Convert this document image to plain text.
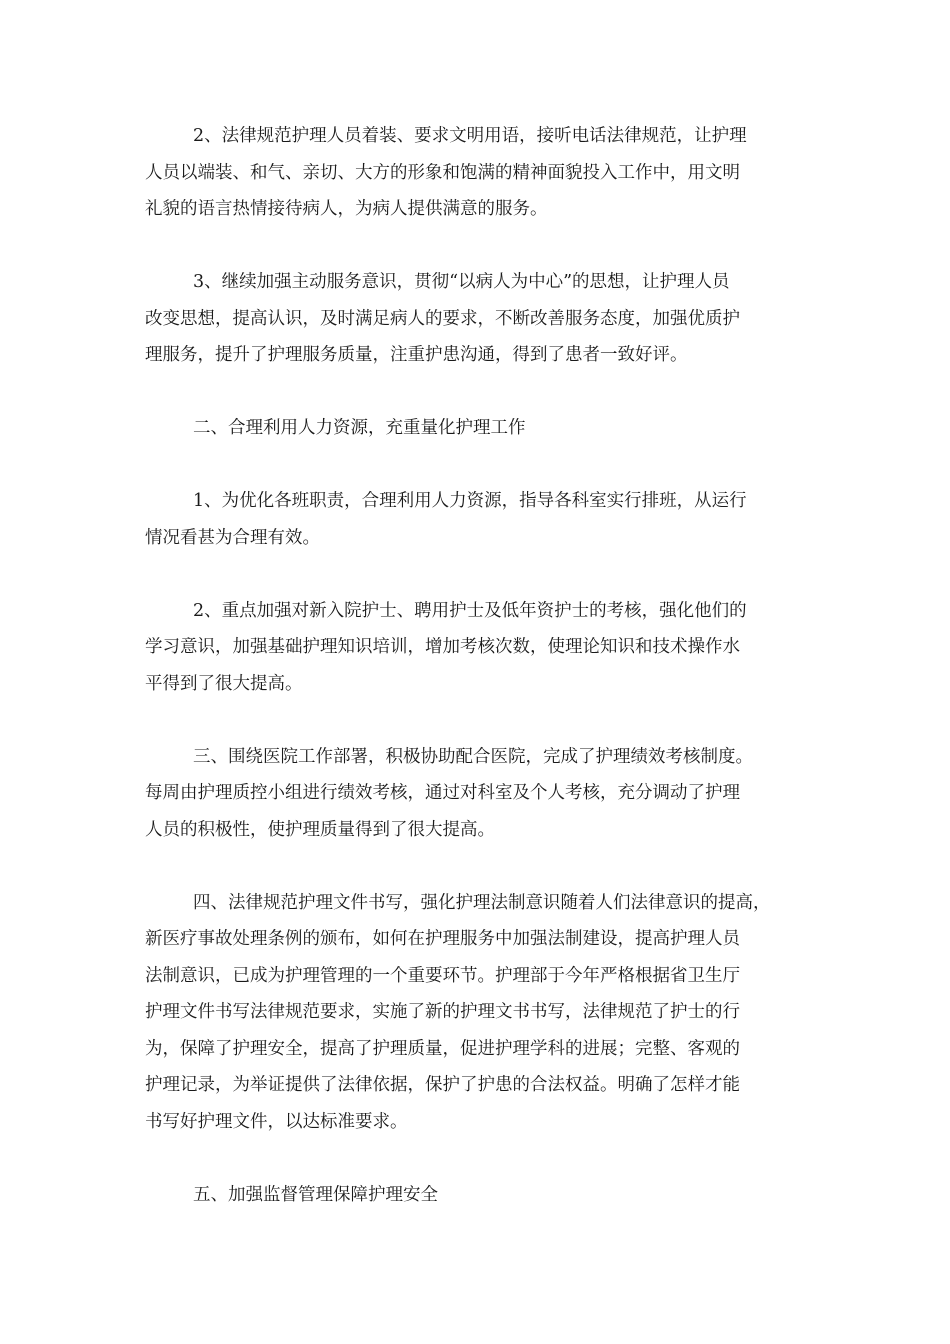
2、法律规范护理人员着装、要求文明用语，接听电话法律规范，让护理
人员以端装、和气、亲切、大方的形象和饱满的精神面貌投入工作中，用文明
礼貌的语言热情接待病人，为病人提供满意的服务。

3、继续加强主动服务意识，贯彻“以病人为中心”的思想，让护理人员
改变思想，提高认识，及时满足病人的要求，不断改善服务态度，加强优质护
理服务，提升了护理服务质量，注重护患沟通，得到了患者一致好评。

二、合理利用人力资源，充重量化护理工作

1、为优化各班职责，合理利用人力资源，指导各科室实行排班，从运行
情况看甚为合理有效。

2、重点加强对新入院护士、聘用护士及低年资护士的考核，强化他们的
学习意识，加强基础护理知识培训，增加考核次数，使理论知识和技术操作水
平得到了很大提高。

三、围绕医院工作部署，积极协助配合医院，完成了护理绩效考核制度。
每周由护理质控小组进行绩效考核，通过对科室及个人考核，充分调动了护理
人员的积极性，使护理质量得到了很大提高。

四、法律规范护理文件书写，强化护理法制意识随着人们法律意识的提高，
新医疗事故处理条例的颁布，如何在护理服务中加强法制建设，提高护理人员
法制意识，已成为护理管理的一个重要环节。护理部于今年严格根据省卫生厅
护理文件书写法律规范要求，实施了新的护理文书书写，法律规范了护士的行
为，保障了护理安全，提高了护理质量，促进护理学科的进展；完整、客观的
护理记录，为举证提供了法律依据，保护了护患的合法权益。明确了怎样才能
书写好护理文件，以达标准要求。

五、加强监督管理保障护理安全
